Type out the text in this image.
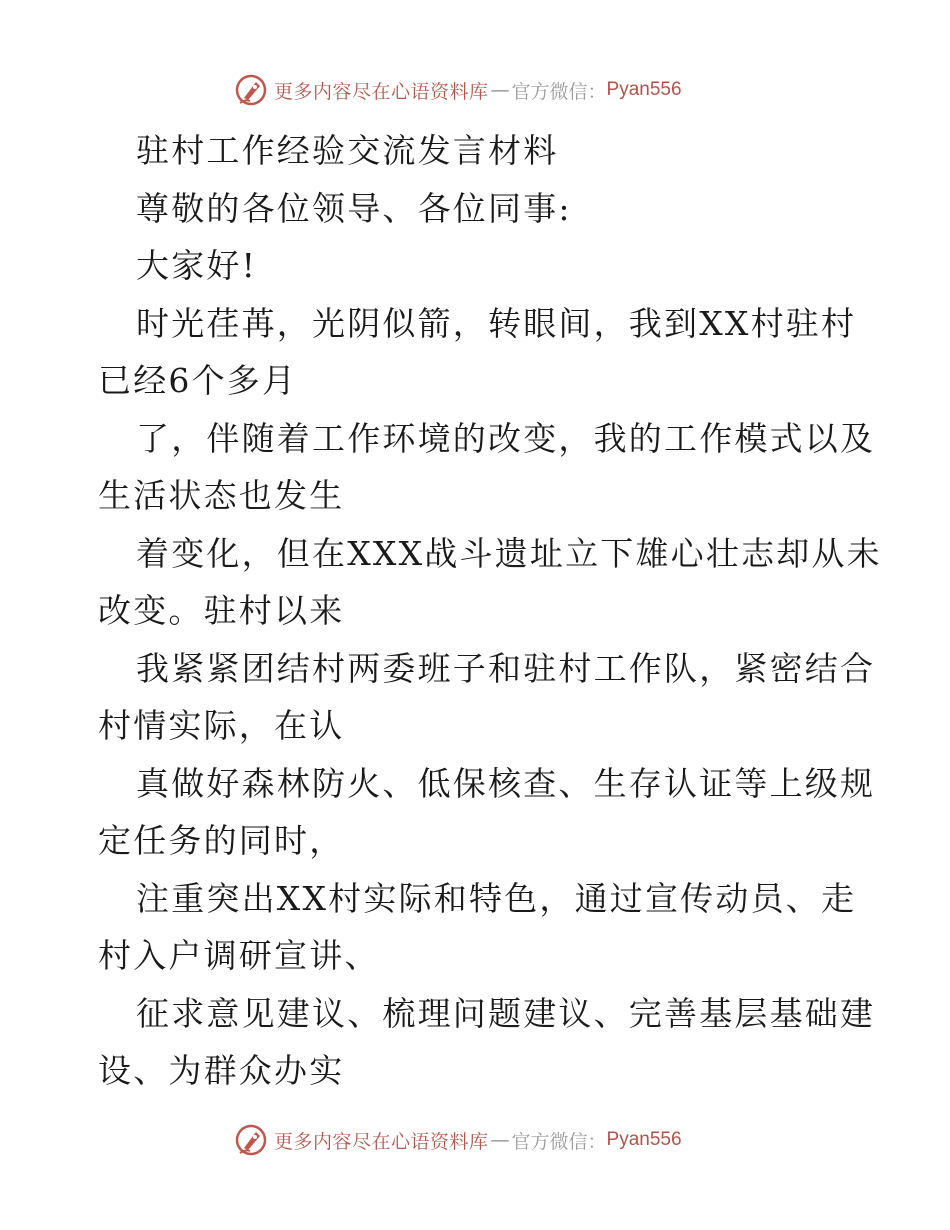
更多内容尽在心语资料库 — 官方微信： Pyan556
驻村工作经验交流发言材料
尊敬的各位领导、各位同事:
大家好!
时光荏苒，光阴似箭，转眼间，我到XX村驻村
已经6个多月
了，伴随着工作环境的改变，我的工作模式以及
生活状态也发生
着变化，但在XXX战斗遗址立下雄心壮志却从未
改变。驻村以来
我紧紧团结村两委班子和驻村工作队，紧密结合
村情实际，在认
真做好森林防火、低保核查、生存认证等上级规
定任务的同时，
注重突出XX村实际和特色，通过宣传动员、走
村入户调研宣讲、
征求意见建议、梳理问题建议、完善基层基础建
设、为群众办实
更多内容尽在心语资料库 — 官方微信： Pyan556
